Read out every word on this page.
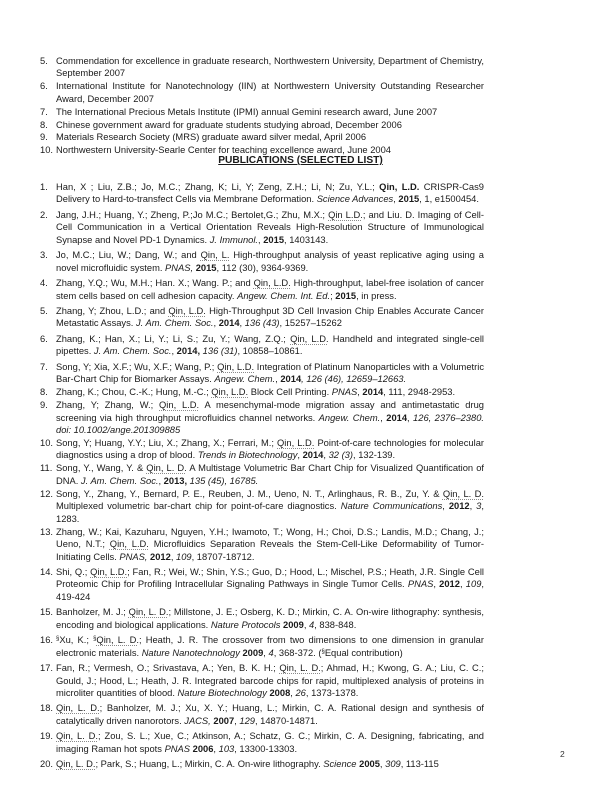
5. Commendation for excellence in graduate research, Northwestern University, Department of Chemistry, September 2007
6. International Institute for Nanotechnology (IIN) at Northwestern University Outstanding Researcher Award, December 2007
7. The International Precious Metals Institute (IPMI) annual Gemini research award, June 2007
8. Chinese government award for graduate students studying abroad, December 2006
9. Materials Research Society (MRS) graduate award silver medal, April 2006
10. Northwestern University-Searle Center for teaching excellence award, June 2004
PUBLICATIONS (SELECTED LIST)
1. Han, X ; Liu, Z.B.; Jo, M.C.; Zhang, K; Li, Y; Zeng, Z.H.; Li, N; Zu, Y.L.; Qin, L.D. CRISPR-Cas9 Delivery to Hard-to-transfect Cells via Membrane Deformation. Science Advances, 2015, 1, e1500454.
2. Jang, J.H.; Huang, Y.; Zheng, P.;Jo M.C.; Bertolet,G.; Zhu, M.X.; Qin L.D.; and Liu. D. Imaging of Cell-Cell Communication in a Vertical Orientation Reveals High-Resolution Structure of Immunological Synapse and Novel PD-1 Dynamics. J. Immunol., 2015, 1403143.
3. Jo, M.C.; Liu, W.; Dang, W.; and Qin, L. High-throughput analysis of yeast replicative aging using a novel microfluidic system. PNAS, 2015, 112 (30), 9364-9369.
4. Zhang, Y.Q.; Wu, M.H.; Han. X.; Wang. P.; and Qin, L.D. High-throughput, label-free isolation of cancer stem cells based on cell adhesion capacity. Angew. Chem. Int. Ed.; 2015, in press.
5. Zhang, Y; Zhou, L.D.; and Qin, L.D. High-Throughput 3D Cell Invasion Chip Enables Accurate Cancer Metastatic Assays. J. Am. Chem. Soc., 2014, 136 (43), 15257–15262
6. Zhang, K.; Han, X.; Li, Y.; Li, S.; Zu, Y.; Wang, Z.Q.; Qin, L.D. Handheld and integrated single-cell pipettes. J. Am. Chem. Soc., 2014, 136 (31), 10858–10861.
7. Song, Y; Xia, X.F.; Wu, X.F.; Wang, P.; Qin, L.D. Integration of Platinum Nanoparticles with a Volumetric Bar-Chart Chip for Biomarker Assays. Angew. Chem., 2014, 126 (46), 12659–12663.
8. Zhang, K.; Chou, C.-K.; Hung, M.-C.; Qin, L.D. Block Cell Printing. PNAS, 2014, 111, 2948-2953.
9. Zhang, Y; Zhang, W.; Qin, L.D. A mesenchymal-mode migration assay and antimetastatic drug screening via high throughput microfluidics channel networks. Angew. Chem., 2014, 126, 2376–2380. doi: 10.1002/ange.201309885
10. Song, Y; Huang, Y.Y.; Liu, X.; Zhang, X.; Ferrari, M.; Qin, L.D. Point-of-care technologies for molecular diagnostics using a drop of blood. Trends in Biotechnology, 2014, 32 (3), 132-139.
11. Song, Y., Wang, Y. & Qin, L. D. A Multistage Volumetric Bar Chart Chip for Visualized Quantification of DNA. J. Am. Chem. Soc., 2013, 135 (45), 16785.
12. Song, Y., Zhang, Y., Bernard, P. E., Reuben, J. M., Ueno, N. T., Arlinghaus, R. B., Zu, Y. & Qin, L. D. Multiplexed volumetric bar-chart chip for point-of-care diagnostics. Nature Communications, 2012, 3, 1283.
13. Zhang, W.; Kai, Kazuharu, Nguyen, Y.H.; Iwamoto, T.; Wong, H.; Choi, D.S.; Landis, M.D.; Chang, J.; Ueno, N.T.; Qin, L.D. Microfluidics Separation Reveals the Stem-Cell-Like Deformability of Tumor-Initiating Cells. PNAS, 2012, 109, 18707-18712.
14. Shi, Q.; Qin, L.D.; Fan, R.; Wei, W.; Shin, Y.S.; Guo, D.; Hood, L.; Mischel, P.S.; Heath, J.R. Single Cell Proteomic Chip for Profiling Intracellular Signaling Pathways in Single Tumor Cells. PNAS, 2012, 109, 419-424
15. Banholzer, M. J.; Qin, L. D.; Millstone, J. E.; Osberg, K. D.; Mirkin, C. A. On-wire lithography: synthesis, encoding and biological applications. Nature Protocols 2009, 4, 838-848.
16. §Xu, K.; §Qin, L. D.; Heath, J. R. The crossover from two dimensions to one dimension in granular electronic materials. Nature Nanotechnology 2009, 4, 368-372. (§Equal contribution)
17. Fan, R.; Vermesh, O.; Srivastava, A.; Yen, B. K. H.; Qin, L. D.; Ahmad, H.; Kwong, G. A.; Liu, C. C.; Gould, J.; Hood, L.; Heath, J. R. Integrated barcode chips for rapid, multiplexed analysis of proteins in microliter quantities of blood. Nature Biotechnology 2008, 26, 1373-1378.
18. Qin, L. D.; Banholzer, M. J.; Xu, X. Y.; Huang, L.; Mirkin, C. A. Rational design and synthesis of catalytically driven nanorotors. JACS, 2007, 129, 14870-14871.
19. Qin, L. D.; Zou, S. L.; Xue, C.; Atkinson, A.; Schatz, G. C.; Mirkin, C. A. Designing, fabricating, and imaging Raman hot spots PNAS 2006, 103, 13300-13303.
20. Qin, L. D.; Park, S.; Huang, L.; Mirkin, C. A. On-wire lithography. Science 2005, 309, 113-115
2
